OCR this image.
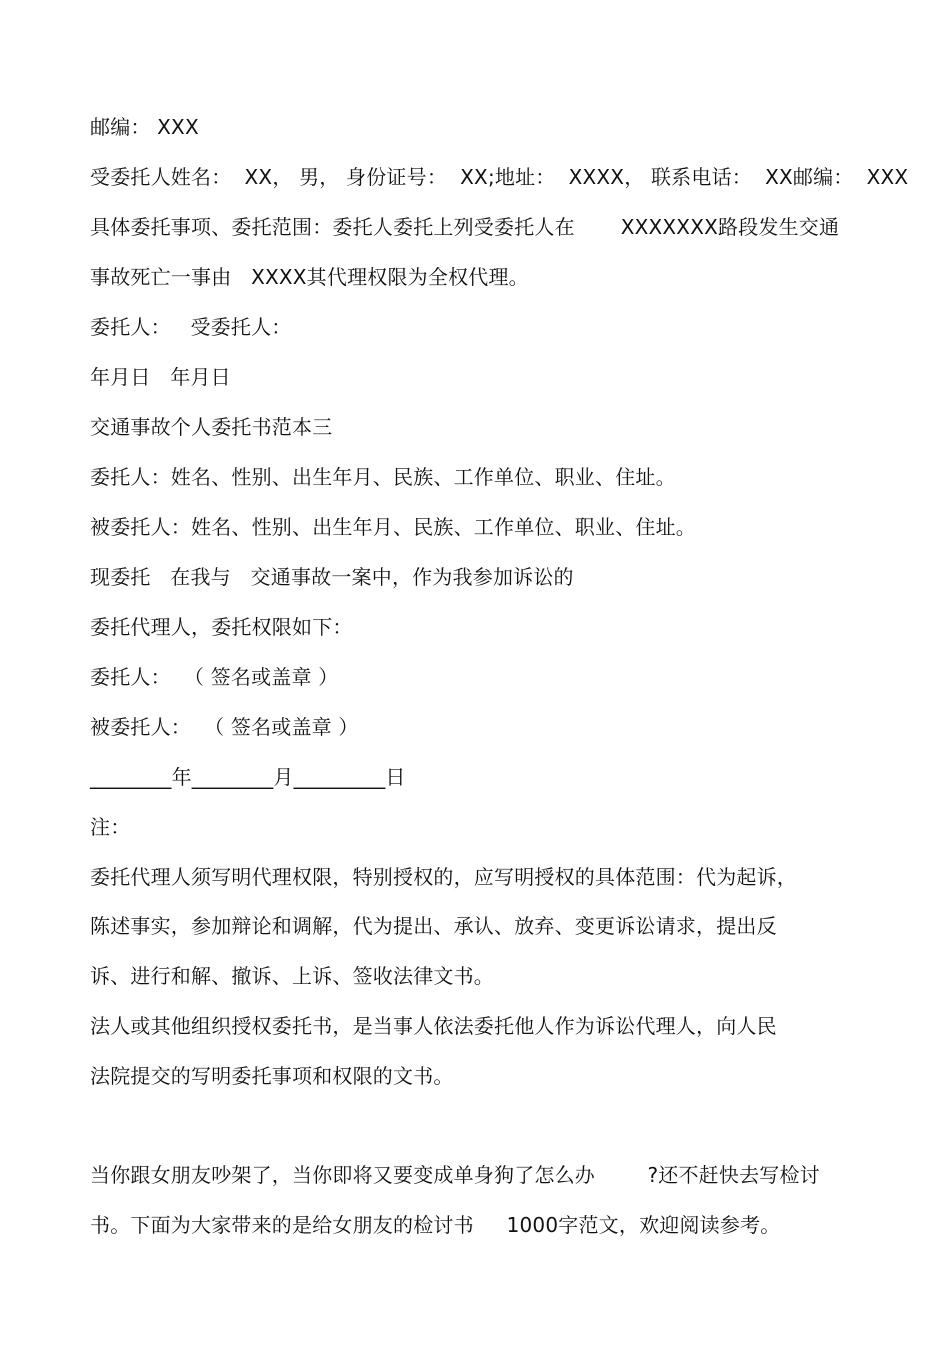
邮编： XXX
受委托人姓名：  XX， 男， 身份证号：  XX;地址：  XXXX， 联系电话：  XX邮编：  XXX
具体委托事项、委托范围：委托人委托上列受委托人在       XXXXXXX路段发生交通
事故死亡一事由   XXXX其代理权限为全权代理。
委托人：   受委托人：
年月日   年月日
交通事故个人委托书范本三
委托人：姓名、性别、出生年月、民族、工作单位、职业、住址。
被委托人：姓名、性别、出生年月、民族、工作单位、职业、住址。
现委托   在我与   交通事故一案中，作为我参加诉讼的
委托代理人，委托权限如下：
委托人：  （ 签名或盖章 ）
被委托人：  （ 签名或盖章 ）
________年________月_________日
注：
委托代理人须写明代理权限，特别授权的，应写明授权的具体范围：代为起诉，
陈述事实，参加辩论和调解，代为提出、承认、放弃、变更诉讼请求，提出反
诉、进行和解、撤诉、上诉、签收法律文书。
法人或其他组织授权委托书，是当事人依法委托他人作为诉讼代理人，向人民
法院提交的写明委托事项和权限的文书。
当你跟女朋友吵架了，当你即将又要变成单身狗了怎么办        ?还不赶快去写检讨
书。下面为大家带来的是给女朋友的检讨书     1000字范文，欢迎阅读参考。
